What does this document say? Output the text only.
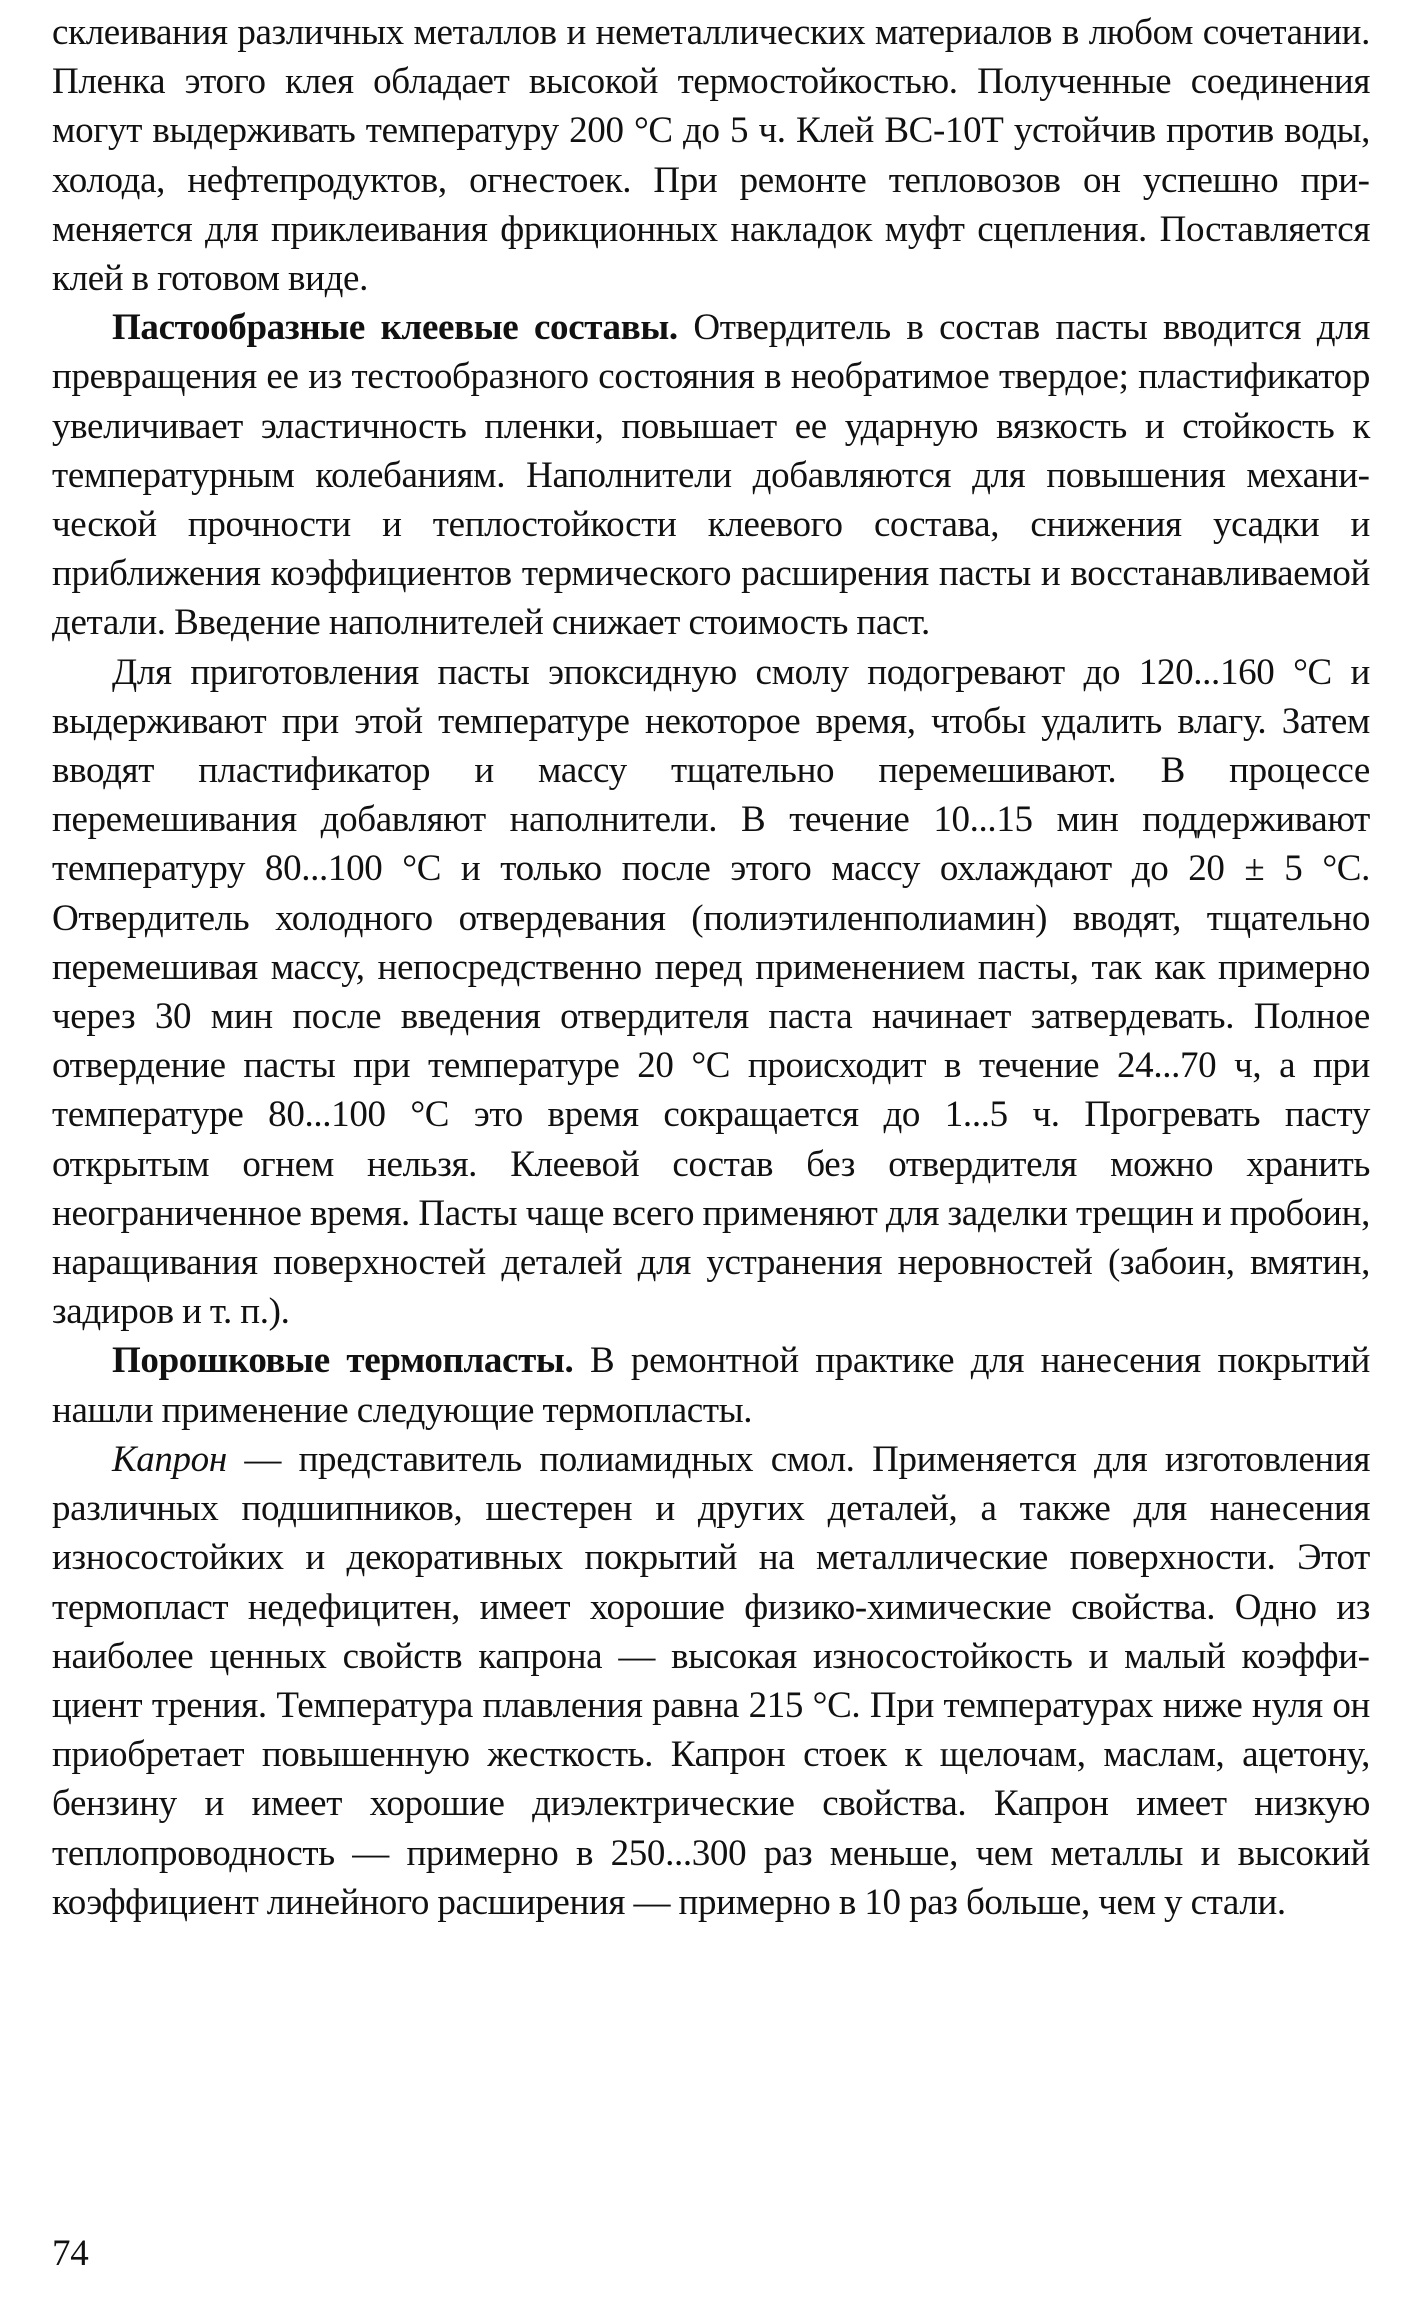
склеивания различных металлов и неметаллических материалов в любом сочетании. Пленка этого клея обладает высокой термостойкостью. Полученные соединения могут выдерживать температуру 200 °С до 5 ч. Клей ВС-10Т устойчив против воды, холода, нефтепродуктов, огнестоек. При ремонте тепловозов он успешно применяется для приклеивания фрикционных накладок муфт сцепления. Поставляется клей в готовом виде.

Пастообразные клеевые составы. Отвердитель в состав пасты вводится для превращения ее из тестообразного состояния в необратимое твердое; пластификатор увеличивает эластичность пленки, повышает ее ударную вязкость и стойкость к температурным колебаниям. Наполнители добавляются для повышения механической прочности и теплостойкости клеевого состава, снижения усадки и приближения коэффициентов термического расширения пасты и восстанавливаемой детали. Введение наполнителей снижает стоимость паст.

Для приготовления пасты эпоксидную смолу подогревают до 120...160 °С и выдерживают при этой температуре некоторое время, чтобы удалить влагу. Затем вводят пластификатор и массу тщательно перемешивают. В процессе перемешивания добавляют наполнители. В течение 10...15 мин поддерживают температуру 80...100 °С и только после этого массу охлаждают до 20 ± 5 °С. Отвердитель холодного отвердевания (полиэтиленполиамин) вводят, тщательно перемешивая массу, непосредственно перед применением пасты, так как примерно через 30 мин после введения отвердителя паста начинает затвердевать. Полное отвердение пасты при температуре 20 °С происходит в течение 24...70 ч, а при температуре 80...100 °С это время сокращается до 1...5 ч. Прогревать пасту открытым огнем нельзя. Клеевой состав без отвердителя можно хранить неограниченное время. Пасты чаще всего применяют для заделки трещин и пробоин, наращивания поверхностей деталей для устранения неровностей (забоин, вмятин, задиров и т. п.).

Порошковые термопласты. В ремонтной практике для нанесения покрытий нашли применение следующие термопласты.

Капрон — представитель полиамидных смол. Применяется для изготовления различных подшипников, шестерен и других деталей, а также для нанесения износостойких и декоративных покрытий на металлические поверхности. Этот термопласт недефицитен, имеет хорошие физико-химические свойства. Одно из наиболее ценных свойств капрона — высокая износостойкость и малый коэффициент трения. Температура плавления равна 215 °С. При температурах ниже нуля он приобретает повышенную жесткость. Капрон стоек к щелочам, маслам, ацетону, бензину и имеет хорошие диэлектрические свойства. Капрон имеет низкую теплопроводность — примерно в 250...300 раз меньше, чем металлы и высокий коэффициент линейного расширения — примерно в 10 раз больше, чем у стали.

74
